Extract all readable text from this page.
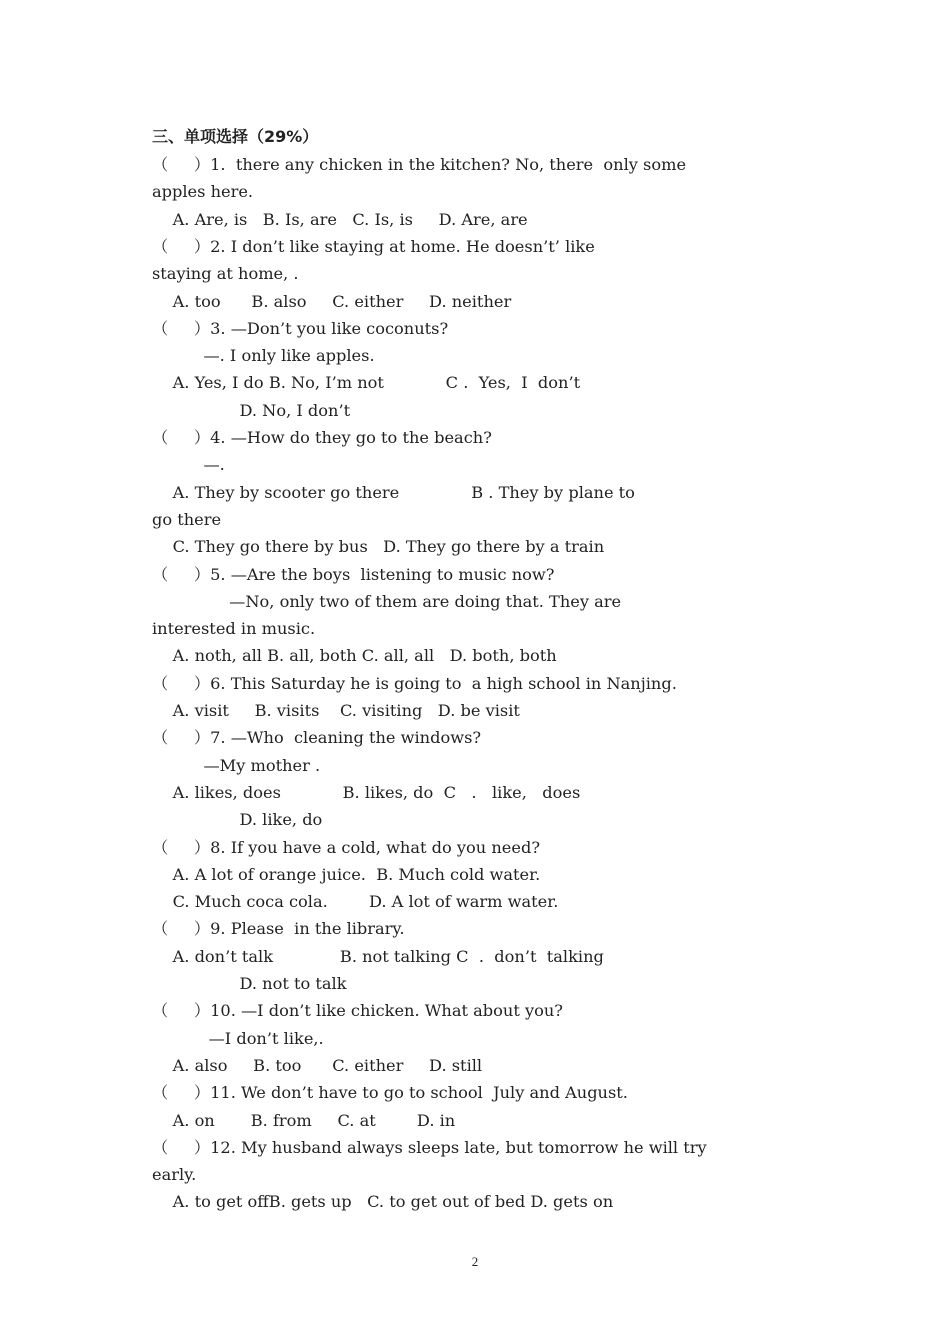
三、单项选择（29%）
（     ）1.  there any chicken in the kitchen? No, there  only some
apples here.
A. Are, is   B. Is, are   C. Is, is     D. Are, are
（     ）2. I don’t like staying at home. He doesn’t’ like
staying at home, .
A. too      B. also     C. either     D. neither
（     ）3. —Don’t you like coconuts?
—. I only like apples.
A. Yes, I do B. No, I’m not            C .  Yes,  I  don’t
D. No, I don’t
（     ）4. —How do they go to the beach?
—.
A. They by scooter go there              B . They by plane to
go there
C. They go there by bus   D. They go there by a train
（     ）5. —Are the boys  listening to music now?
—No, only two of them are doing that. They are
interested in music.
A. noth, all B. all, both C. all, all   D. both, both
（     ）6. This Saturday he is going to  a high school in Nanjing.
A. visit     B. visits    C. visiting   D. be visit
（     ）7. —Who  cleaning the windows?
—My mother .
A. likes, does            B. likes, do  C   .   like,   does
D. like, do
（     ）8. If you have a cold, what do you need?
A. A lot of orange juice.  B. Much cold water.
C. Much coca cola.        D. A lot of warm water.
（     ）9. Please  in the library.
A. don’t talk             B. not talking C  .  don’t  talking
D. not to talk
（     ）10. —I don’t like chicken. What about you?
—I don’t like,.
A. also     B. too      C. either     D. still
（     ）11. We don’t have to go to school  July and August.
A. on       B. from     C. at        D. in
（     ）12. My husband always sleeps late, but tomorrow he will try
early.
A. to get offB. gets up   C. to get out of bed D. gets on
2
